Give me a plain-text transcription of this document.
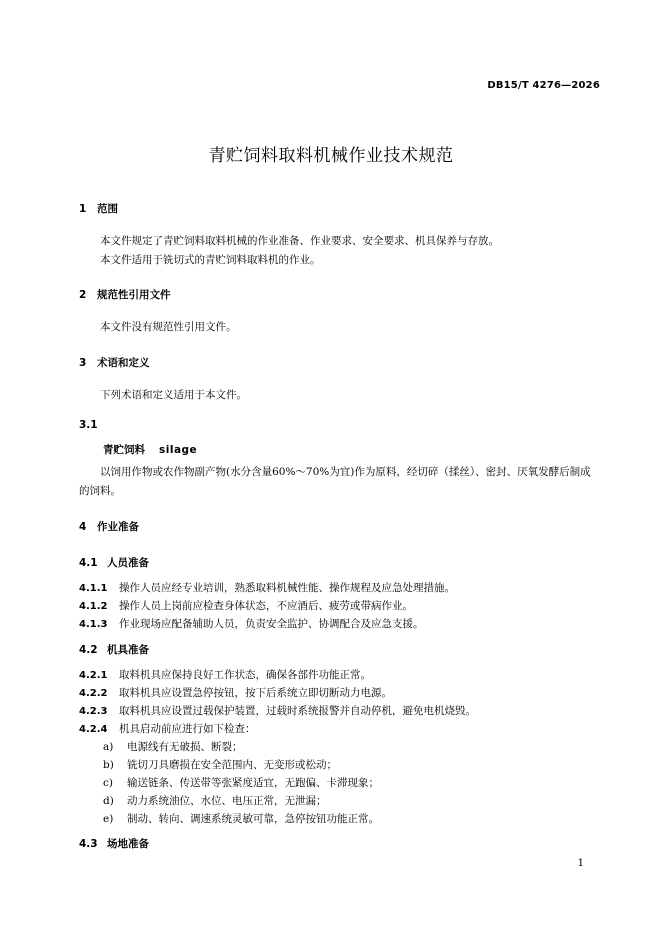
DB15/T 4276—2026
青贮饲料取料机械作业技术规范
1 范围
本文件规定了青贮饲料取料机械的作业准备、作业要求、安全要求、机具保养与存放。
本文件适用于铣切式的青贮饲料取料机的作业。
2 规范性引用文件
本文件没有规范性引用文件。
3 术语和定义
下列术语和定义适用于本文件。
3.1
青贮饲料 silage
以饲用作物或农作物副产物(水分含量60%～70%为宜)作为原料，经切碎（揉丝）、密封、厌氧发酵后制成的饲料。
4 作业准备
4.1 人员准备
4.1.1 操作人员应经专业培训，熟悉取料机械性能、操作规程及应急处理措施。
4.1.2 操作人员上岗前应检查身体状态，不应酒后、疲劳或带病作业。
4.1.3 作业现场应配备辅助人员，负责安全监护、协调配合及应急支援。
4.2 机具准备
4.2.1 取料机具应保持良好工作状态，确保各部件功能正常。
4.2.2 取料机具应设置急停按钮，按下后系统立即切断动力电源。
4.2.3 取料机具应设置过载保护装置，过载时系统报警并自动停机，避免电机烧毁。
4.2.4 机具启动前应进行如下检查：
a) 电源线有无破损、断裂；
b) 铣切刀具磨损在安全范围内、无变形或松动；
c) 输送链条、传送带等张紧度适宜，无跑偏、卡滞现象；
d) 动力系统油位、水位、电压正常，无泄漏；
e) 制动、转向、调速系统灵敏可靠，急停按钮功能正常。
4.3 场地准备
1
